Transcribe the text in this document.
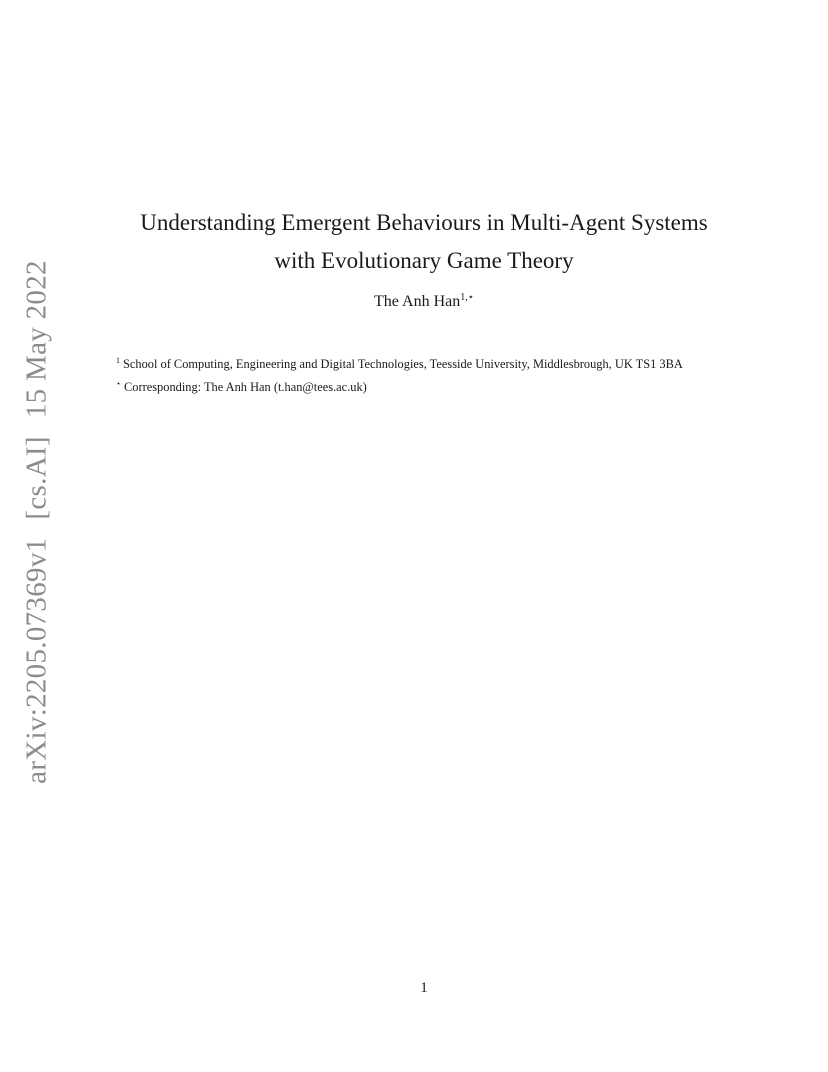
arXiv:2205.07369v1[cs.AI]15 May 2022
Understanding Emergent Behaviours in Multi-Agent Systems
with Evolutionary Game Theory
The Anh Han$^{1,⋆}$
$^1$ School of Computing, Engineering and Digital Technologies, Teesside University, Middlesbrough, UK TS1 3BA
⋆ Corresponding: The Anh Han (t.han@tees.ac.uk)
1
